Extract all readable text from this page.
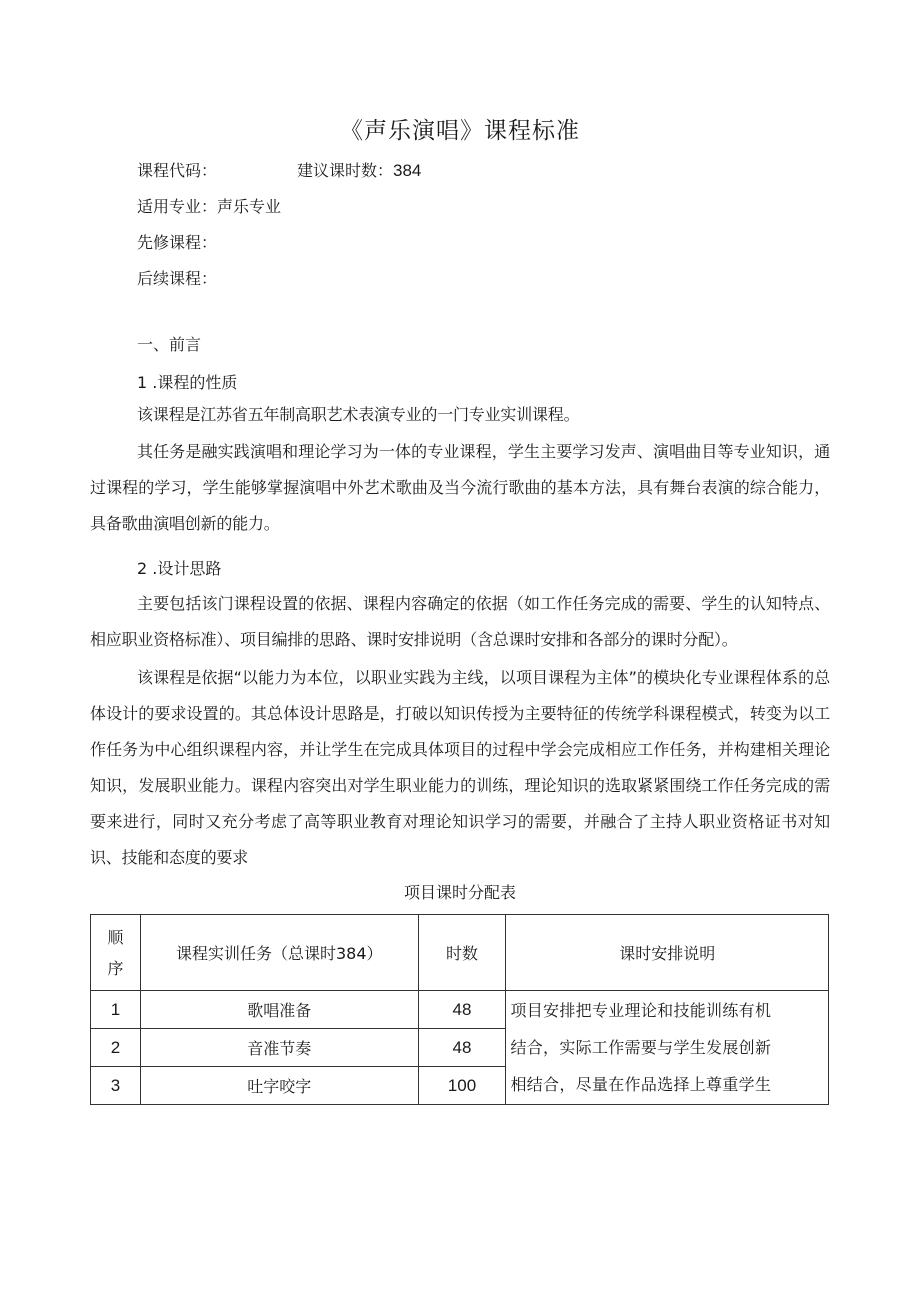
《声乐演唱》课程标准
课程代码：	建议课时数：384
适用专业：声乐专业
先修课程：
后续课程：
一、前言
1 .课程的性质
该课程是江苏省五年制高职艺术表演专业的一门专业实训课程。
其任务是融实践演唱和理论学习为一体的专业课程，学生主要学习发声、演唱曲目等专业知识，通过课程的学习，学生能够掌握演唱中外艺术歌曲及当今流行歌曲的基本方法，具有舞台表演的综合能力，具备歌曲演唱创新的能力。
2 .设计思路
主要包括该门课程设置的依据、课程内容确定的依据（如工作任务完成的需要、学生的认知特点、相应职业资格标准）、项目编排的思路、课时安排说明（含总课时安排和各部分的课时分配）。
该课程是依据“以能力为本位，以职业实践为主线，以项目课程为主体”的模块化专业课程体系的总体设计的要求设置的。其总体设计思路是，打破以知识传授为主要特征的传统学科课程模式，转变为以工作任务为中心组织课程内容，并让学生在完成具体项目的过程中学会完成相应工作任务，并构建相关理论知识，发展职业能力。课程内容突出对学生职业能力的训练，理论知识的选取紧紧围绕工作任务完成的需要来进行，同时又充分考虑了高等职业教育对理论知识学习的需要，并融合了主持人职业资格证书对知识、技能和态度的要求
项目课时分配表
顺
序	课程实训任务（总课时384）	时数	课时安排说明
1	歌唱准备	48	项目安排把专业理论和技能训练有机
结合，实际工作需要与学生发展创新
相结合，尽量在作品选择上尊重学生

2	音准节奏	48	
3	吐字咬字	100	
